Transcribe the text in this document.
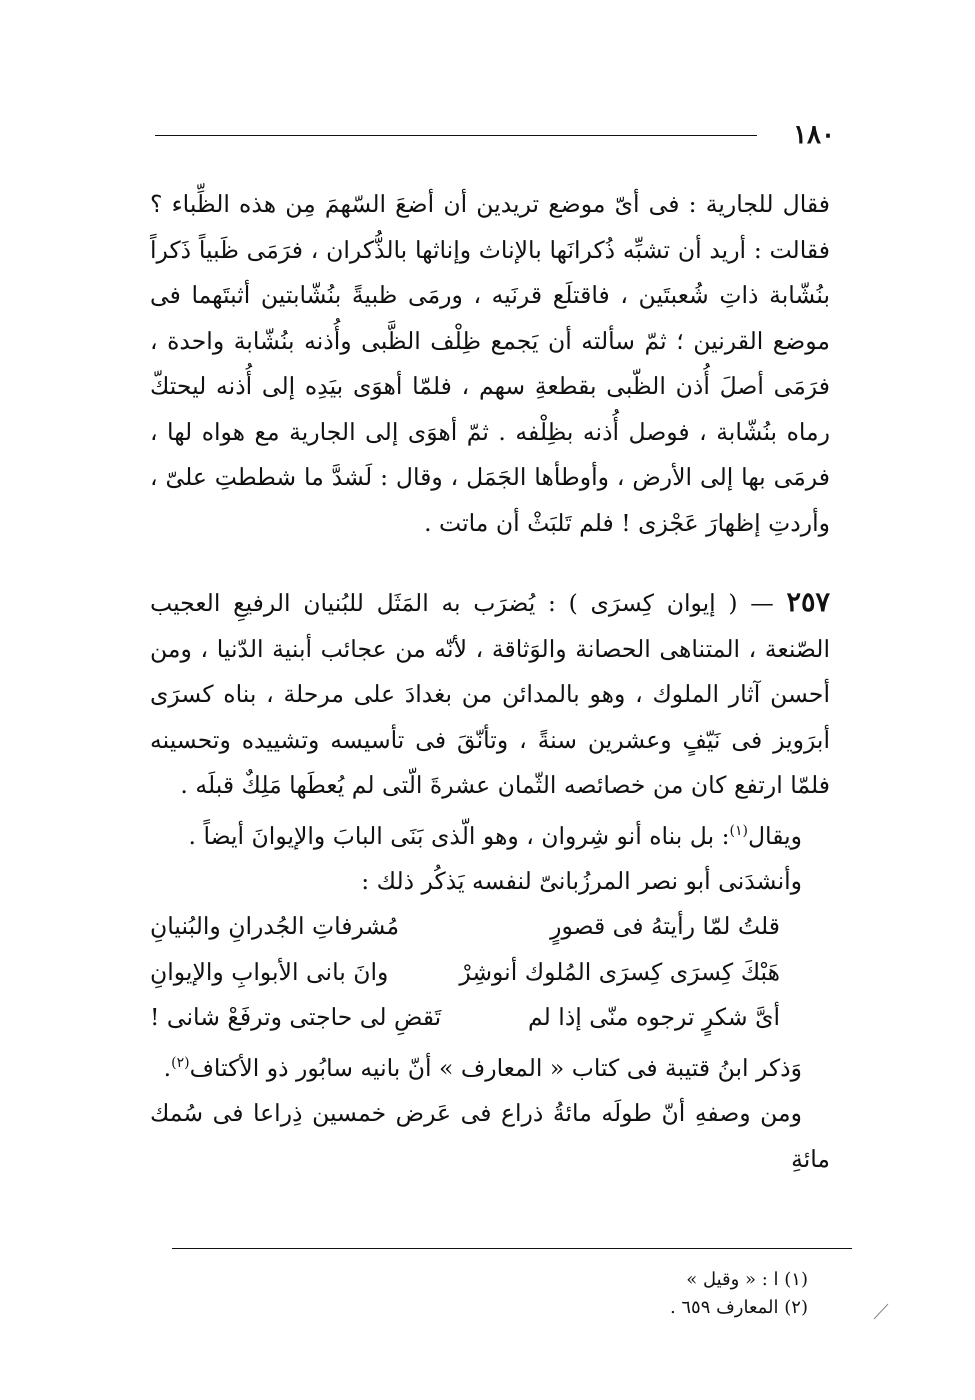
١٨٠

فقال للجارية : فى أىّ موضع تريدين أن أضعَ السّهمَ مِن هذه الظِّباء ؟ فقالت : أريد أن تشبِّه ذُكرانَها بالإناث وإناثها بالذُّكران ، فرَمَى ظَبياً ذَكراً بنُشّابة ذاتِ شُعبتَين ، فاقتلَع قرنَيه ، ورمَى ظبيةً بنُشّابتين أثبتَهما فى موضع القرنين ؛ ثمّ سألته أن يَجمع ظِلْف الظَّبى وأُذنه بنُشّابة واحدة ، فرَمَى أصلَ أُذن الظّبى بقطعةِ سهم ، فلمّا أهوَى بيَدِه إلى أُذنه ليحتكّ رماه بنُشّابة ، فوصل أُذنه بظِلْفه . ثمّ أهوَى إلى الجارية مع هواه لها ، فرمَى بها إلى الأرض ، وأوطأها الجَمَل ، وقال : لَشدَّ ما شططتِ علىّ ، وأردتِ إظهارَ عَجْزى ! فلم تَلبَثْ أن ماتت .

٢٥٧ — ( إيوان كِسرَى ) : يُضرَب به المَثَل للبُنيان الرفيعِ العجيب الصّنعة ، المتناهى الحصانة والوَثاقة ، لأنّه من عجائب أبنية الدّنيا ، ومن أحسن آثار الملوك ، وهو بالمدائن من بغدادَ على مرحلة ، بناه كسرَى أبرَويز فى نَيّفٍ وعشرين سنةً ، وتأنّقَ فى تأسيسه وتشييده وتحسينه فلمّا ارتفع كان من خصائصه الثّمان عشرةَ الّتى لم يُعطَها مَلِكٌ قبلَه .

ويقال$^{(١)}$: بل بناه أنو شِروان ، وهو الّذى بَنَى البابَ والإيوانَ أيضاً .

وأنشدَنى أبو نصر المرزُبانىّ لنفسه يَذكُر ذلك :

قلتُ لمّا رأيتهُ فى قصورٍ
مُشرفاتِ الجُدرانِ والبُنيانِ
هَبْكَ كِسرَى كِسرَى المُلوك أنوشِرْ
وانَ بانى الأبوابِ والإيوانِ
أىَّ شكرٍ ترجوه منّى إذا لم
تَقضِ لى حاجتى وترفَعْ شانى !

وَذكر ابنُ قتيبة فى كتاب « المعارف » أنّ بانيه سابُور ذو الأكتاف$^{(٢)}$.

ومن وصفهِ أنّ طولَه مائةُ ذراع فى عَرض خمسين ذِراعا فى سُمك مائةِ

(١) ا : « وقيل »
(٢) المعارف ٦٥٩ .
